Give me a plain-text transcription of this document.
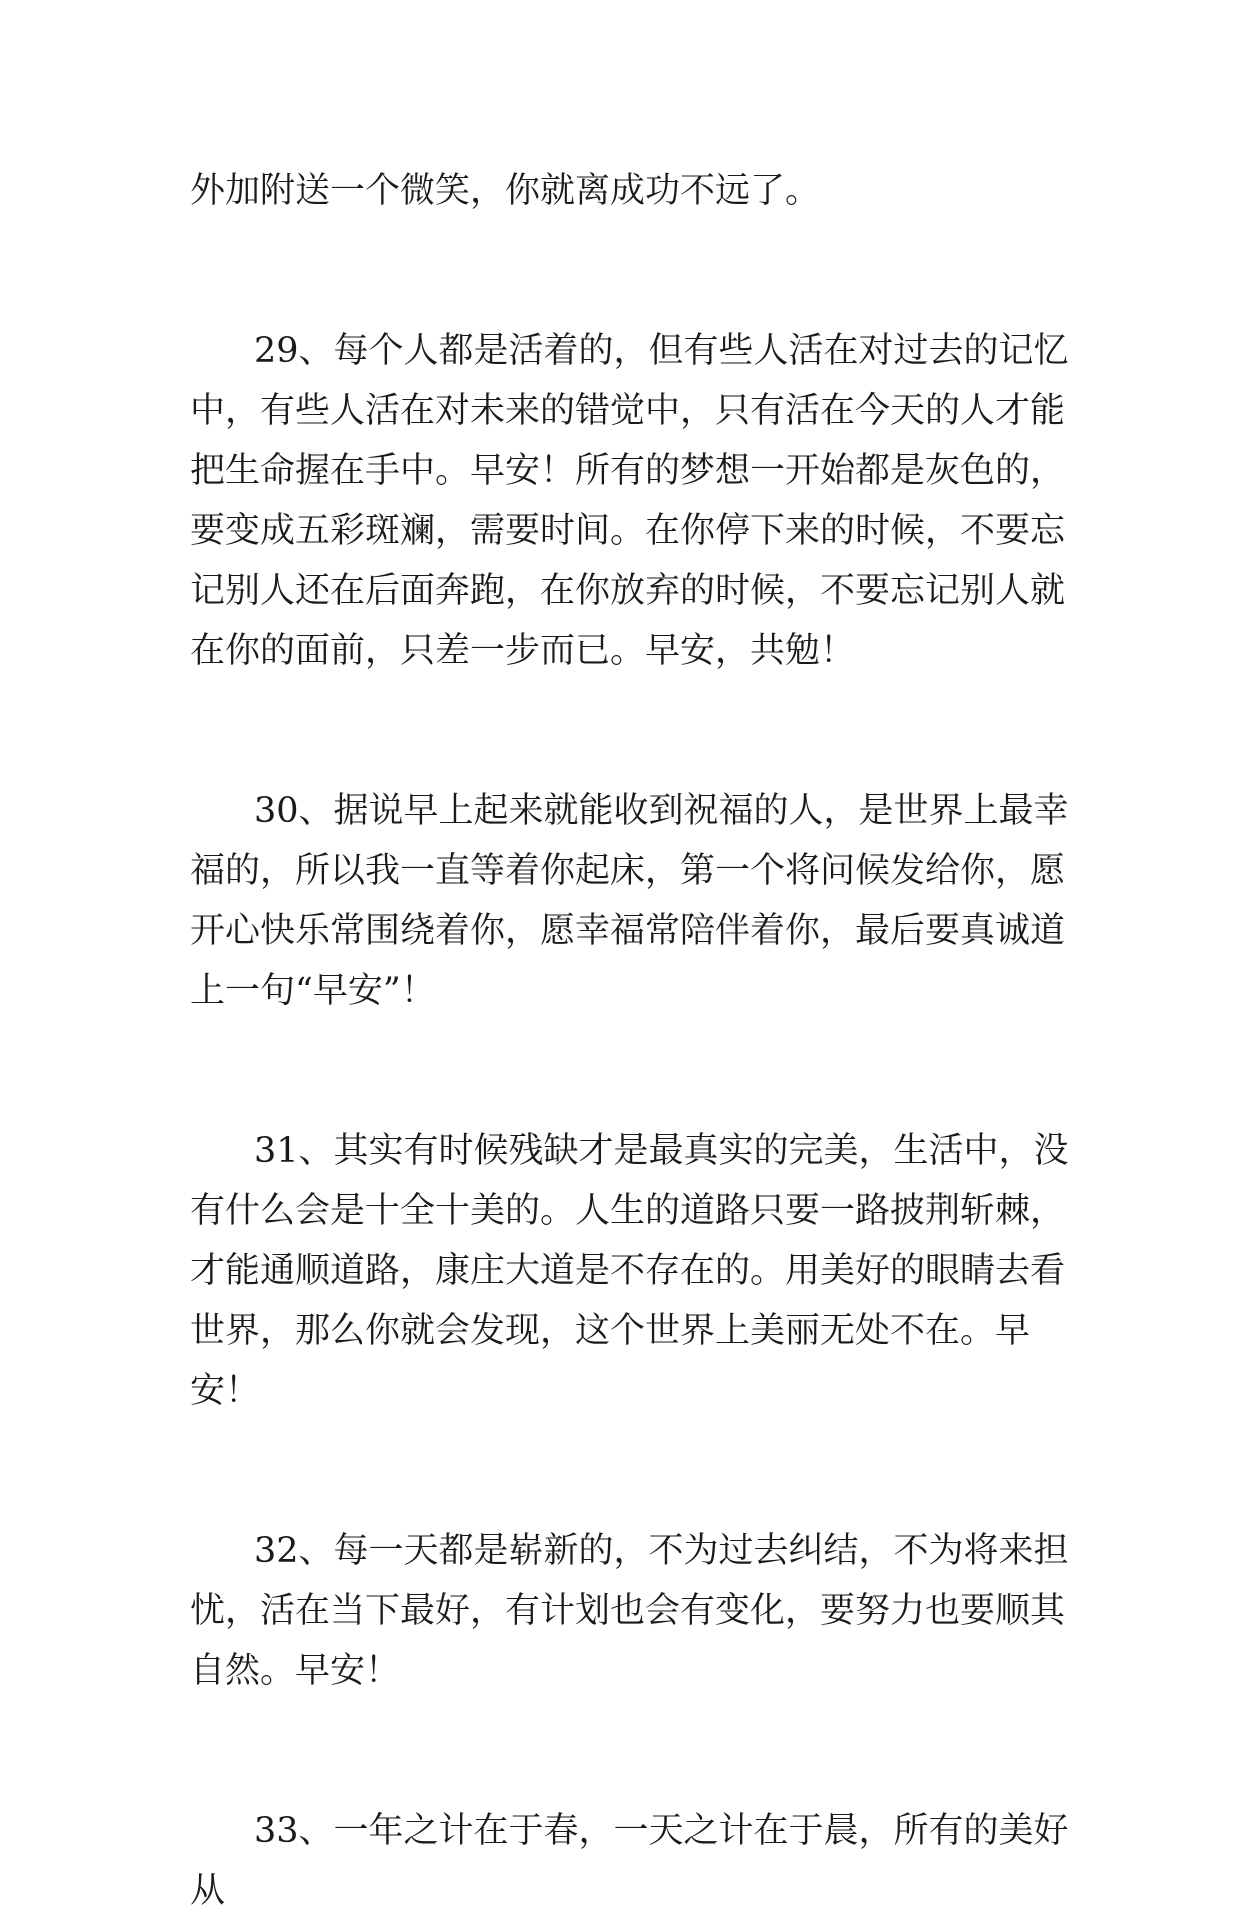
外加附送一个微笑，你就离成功不远了。

29、每个人都是活着的，但有些人活在对过去的记忆中，有些人活在对未来的错觉中，只有活在今天的人才能把生命握在手中。早安！所有的梦想一开始都是灰色的，要变成五彩斑斓，需要时间。在你停下来的时候，不要忘记别人还在后面奔跑，在你放弃的时候，不要忘记别人就在你的面前，只差一步而已。早安，共勉！

30、据说早上起来就能收到祝福的人，是世界上最幸福的，所以我一直等着你起床，第一个将问候发给你，愿开心快乐常围绕着你，愿幸福常陪伴着你，最后要真诚道上一句“早安”！

31、其实有时候残缺才是最真实的完美，生活中，没有什么会是十全十美的。人生的道路只要一路披荆斩棘，才能通顺道路，康庄大道是不存在的。用美好的眼睛去看世界，那么你就会发现，这个世界上美丽无处不在。早安！

32、每一天都是崭新的，不为过去纠结，不为将来担忧，活在当下最好，有计划也会有变化，要努力也要顺其自然。早安！

33、一年之计在于春，一天之计在于晨，所有的美好从
